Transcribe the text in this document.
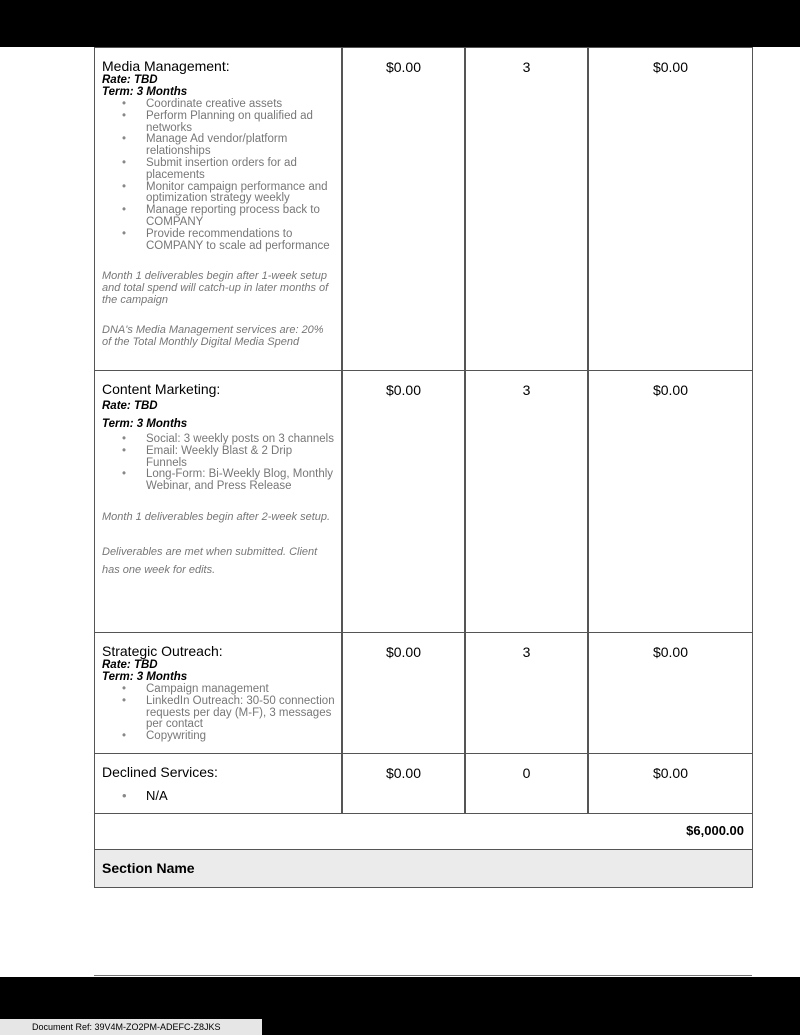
Media Management:
Rate: TBD
Term: 3 Months
• Coordinate creative assets
• Perform Planning on qualified ad networks
• Manage Ad vendor/platform relationships
• Submit insertion orders for ad placements
• Monitor campaign performance and optimization strategy weekly
• Manage reporting process back to COMPANY
• Provide recommendations to COMPANY to scale ad performance
Month 1 deliverables begin after 1-week setup and total spend will catch-up in later months of the campaign
DNA's Media Management services are: 20% of the Total Monthly Digital Media Spend
$0.00	3	$0.00
Content Marketing:
Rate: TBD
Term: 3 Months
• Social: 3 weekly posts on 3 channels
• Email: Weekly Blast & 2 Drip Funnels
• Long-Form: Bi-Weekly Blog, Monthly Webinar, and Press Release
Month 1 deliverables begin after 2-week setup.
Deliverables are met when submitted. Client has one week for edits.
$0.00	3	$0.00
Strategic Outreach:
Rate: TBD
Term: 3 Months
• Campaign management
• LinkedIn Outreach: 30-50 connection requests per day (M-F), 3 messages per contact
• Copywriting
$0.00	3	$0.00
Declined Services:
• N/A
$0.00	0	$0.00
$6,000.00
Section Name
Document Ref: 39V4M-ZO2PM-ADEFC-Z8JKS
